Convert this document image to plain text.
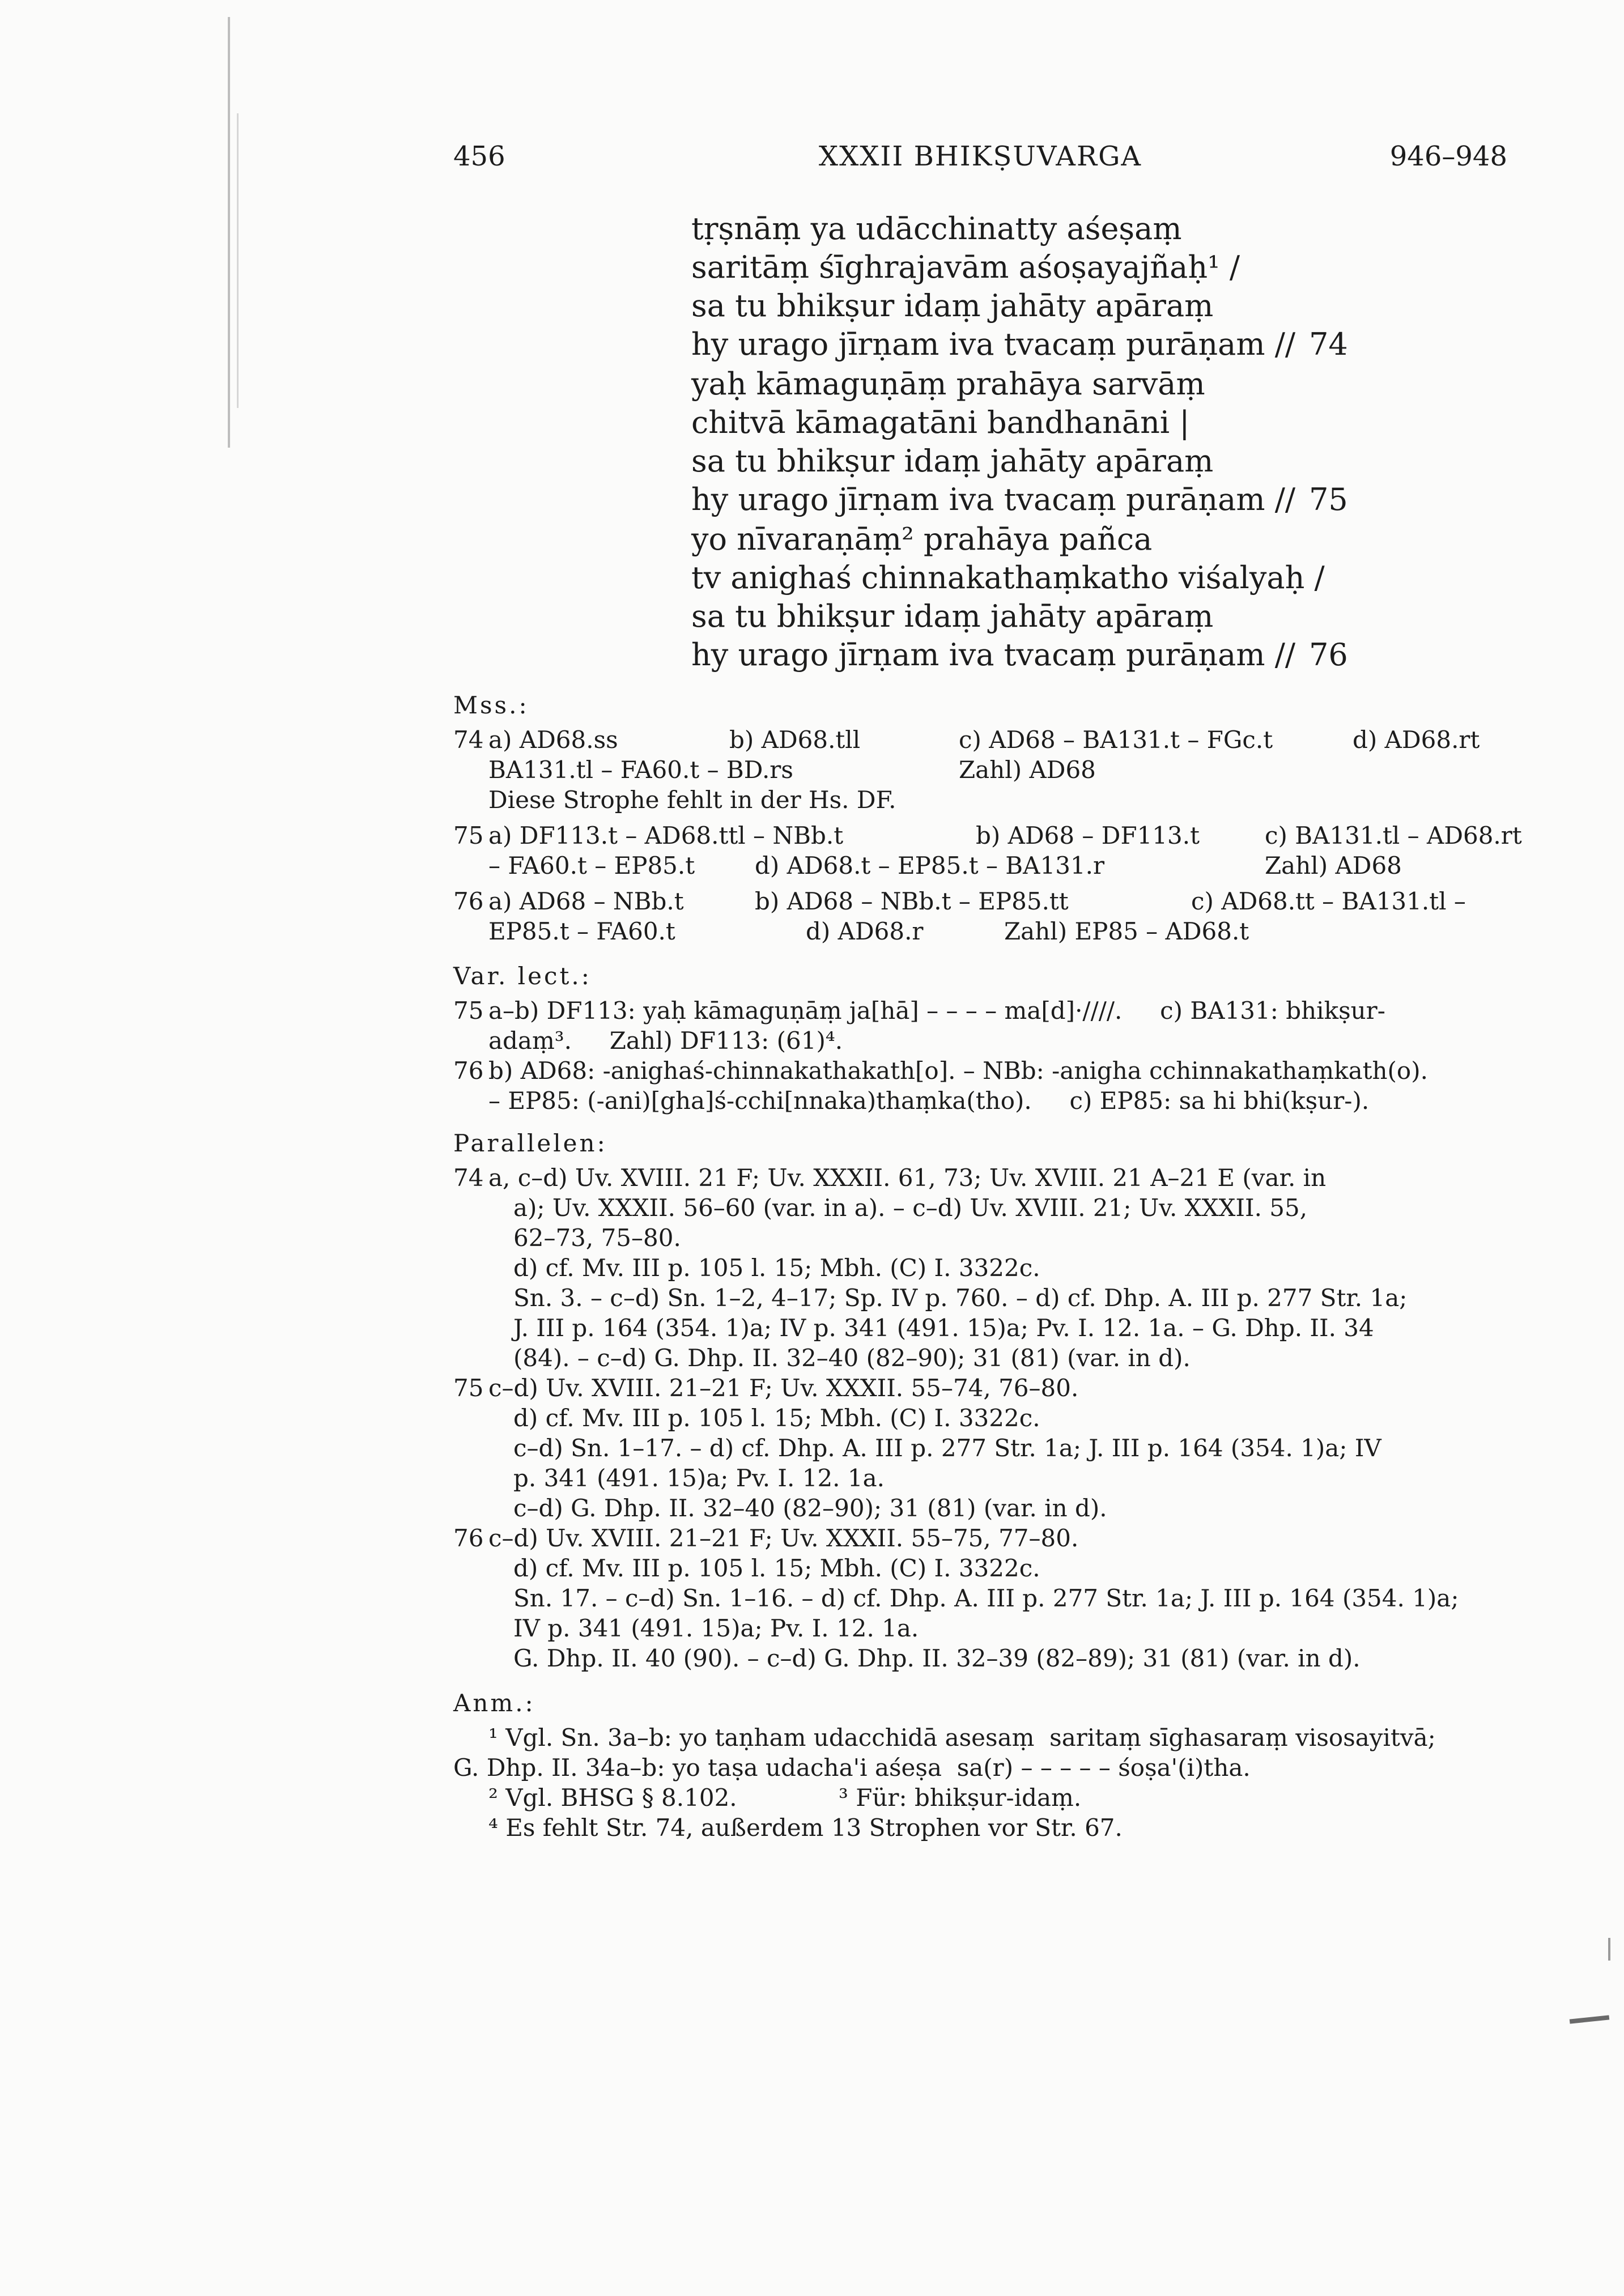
456	XXXII BHIKṢUVARGA	946–948
tṛṣnāṃ ya udācchinatty aśeṣaṃ
saritāṃ śīghrajavām aśoṣayajñaḥ¹ /
sa tu bhikṣur idaṃ jahāty apāraṃ
hy urago jīrṇam iva tvacaṃ purāṇam // 74
yaḥ kāmaguṇāṃ prahāya sarvāṃ
chitvā kāmagatāni bandhanāni |
sa tu bhikṣur idaṃ jahāty apāraṃ
hy urago jīrṇam iva tvacaṃ purāṇam // 75
yo nīvaraṇāṃ² prahāya pañca
tv anighaś chinnakathaṃkatho viśalyaḥ /
sa tu bhikṣur idaṃ jahāty apāraṃ
hy urago jīrṇam iva tvacaṃ purāṇam // 76
Mss.:
74 a) AD68.ss	b) AD68.tll	c) AD68 – BA131.t – FGc.t	d) AD68.rt
BA131.tl – FA60.t – BD.rs	Zahl) AD68
Diese Strophe fehlt in der Hs. DF.
75 a) DF113.t – AD68.ttl – NBb.t	b) AD68 – DF113.t	c) BA131.tl – AD68.rt
– FA60.t – EP85.t	d) AD68.t – EP85.t – BA131.r	Zahl) AD68
76 a) AD68 – NBb.t	b) AD68 – NBb.t – EP85.tt	c) AD68.tt – BA131.tl –
EP85.t – FA60.t	d) AD68.r	Zahl) EP85 – AD68.t
Var. lect.:
75 a–b) DF113: yaḥ kāmaguṇāṃ ja[hā] – – – – ma[d]·////.     c) BA131: bhikṣur-
adaṃ³.     Zahl) DF113: (61)⁴.
76 b) AD68: -anighaś-chinnakathakath[o]. – NBb: -anigha cchinnakathaṃkath(o).
– EP85: (-ani)[gha]ś-cchi[nnaka)thaṃka(tho).     c) EP85: sa hi bhi(kṣur-).
Parallelen:
74 a, c–d) Uv. XVIII. 21 F; Uv. XXXII. 61, 73; Uv. XVIII. 21 A–21 E (var. in
a); Uv. XXXII. 56–60 (var. in a). – c–d) Uv. XVIII. 21; Uv. XXXII. 55,
62–73, 75–80.
d) cf. Mv. III p. 105 l. 15; Mbh. (C) I. 3322c.
Sn. 3. – c–d) Sn. 1–2, 4–17; Sp. IV p. 760. – d) cf. Dhp. A. III p. 277 Str. 1a;
J. III p. 164 (354. 1)a; IV p. 341 (491. 15)a; Pv. I. 12. 1a. – G. Dhp. II. 34
(84). – c–d) G. Dhp. II. 32–40 (82–90); 31 (81) (var. in d).
75 c–d) Uv. XVIII. 21–21 F; Uv. XXXII. 55–74, 76–80.
d) cf. Mv. III p. 105 l. 15; Mbh. (C) I. 3322c.
c–d) Sn. 1–17. – d) cf. Dhp. A. III p. 277 Str. 1a; J. III p. 164 (354. 1)a; IV
p. 341 (491. 15)a; Pv. I. 12. 1a.
c–d) G. Dhp. II. 32–40 (82–90); 31 (81) (var. in d).
76 c–d) Uv. XVIII. 21–21 F; Uv. XXXII. 55–75, 77–80.
d) cf. Mv. III p. 105 l. 15; Mbh. (C) I. 3322c.
Sn. 17. – c–d) Sn. 1–16. – d) cf. Dhp. A. III p. 277 Str. 1a; J. III p. 164 (354. 1)a;
IV p. 341 (491. 15)a; Pv. I. 12. 1a.
G. Dhp. II. 40 (90). – c–d) G. Dhp. II. 32–39 (82–89); 31 (81) (var. in d).
Anm.:
¹ Vgl. Sn. 3a–b: yo taṇham udacchidā asesaṃ  saritaṃ sīghasaraṃ visosayitvā;
G. Dhp. II. 34a–b: yo taṣa udacha'i aśeṣa  sa(r) – – – – – śoṣa'(i)tha.
² Vgl. BHSG § 8.102.	³ Für: bhikṣur-idaṃ.
⁴ Es fehlt Str. 74, außerdem 13 Strophen vor Str. 67.
